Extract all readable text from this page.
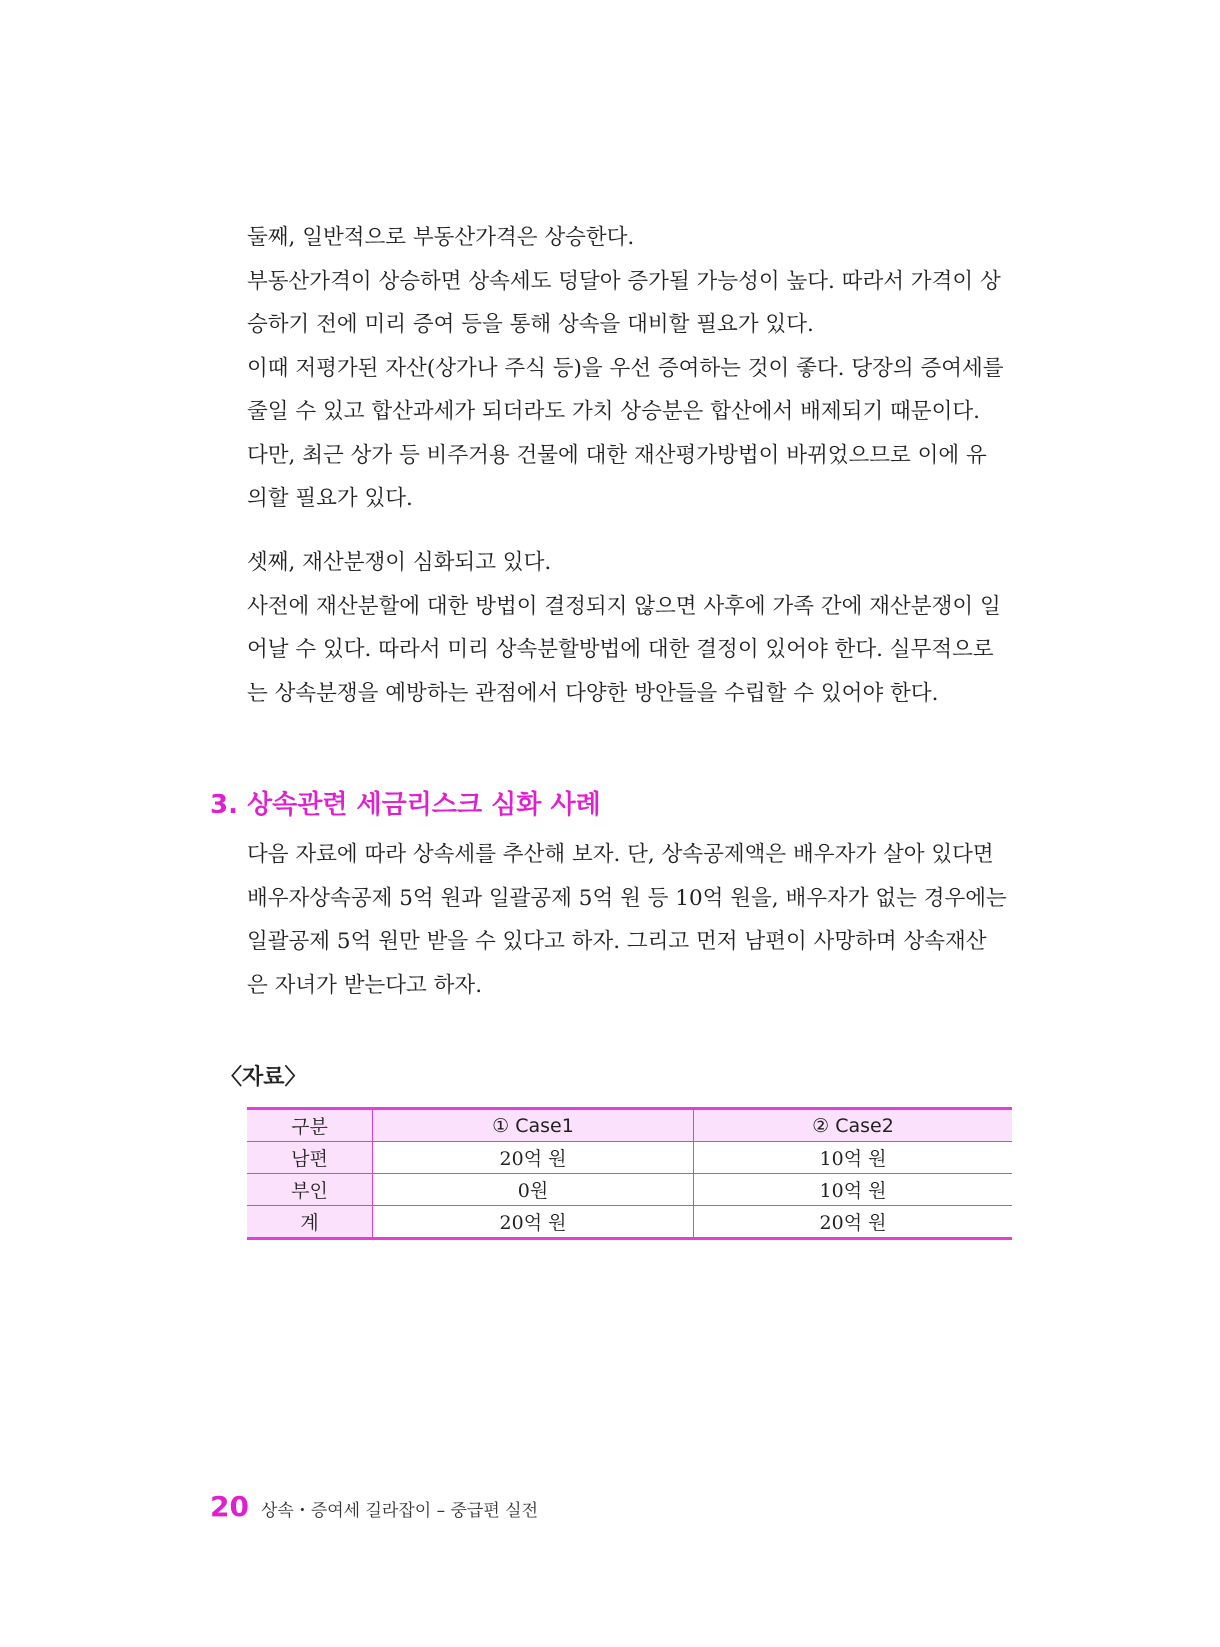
둘째, 일반적으로 부동산가격은 상승한다.

부동산가격이 상승하면 상속세도 덩달아 증가될 가능성이 높다. 따라서 가격이 상

승하기 전에 미리 증여 등을 통해 상속을 대비할 필요가 있다.

이때 저평가된 자산(상가나 주식 등)을 우선 증여하는 것이 좋다. 당장의 증여세를

줄일 수 있고 합산과세가 되더라도 가치 상승분은 합산에서 배제되기 때문이다.

다만, 최근 상가 등 비주거용 건물에 대한 재산평가방법이 바뀌었으므로 이에 유

의할 필요가 있다.

셋째, 재산분쟁이 심화되고 있다.

사전에 재산분할에 대한 방법이 결정되지 않으면 사후에 가족 간에 재산분쟁이 일

어날 수 있다. 따라서 미리 상속분할방법에 대한 결정이 있어야 한다. 실무적으로

는 상속분쟁을 예방하는 관점에서 다양한 방안들을 수립할 수 있어야 한다.

다음 자료에 따라 상속세를 추산해 보자. 단, 상속공제액은 배우자가 살아 있다면

배우자상속공제 5억 원과 일괄공제 5억 원 등 10억 원을, 배우자가 없는 경우에는

일괄공제 5억 원만 받을 수 있다고 하자. 그리고 먼저 남편이 사망하며 상속재산

은 자녀가 받는다고 하자.

3. 상속관련 세금리스크 심화 사례
〈자료〉
구분	① Case1	② Case2
남편	20억 원	10억 원
부인	0원	10억 원
계	20억 원	20억 원
20 상속・증여세 길라잡이 – 중급편 실전
